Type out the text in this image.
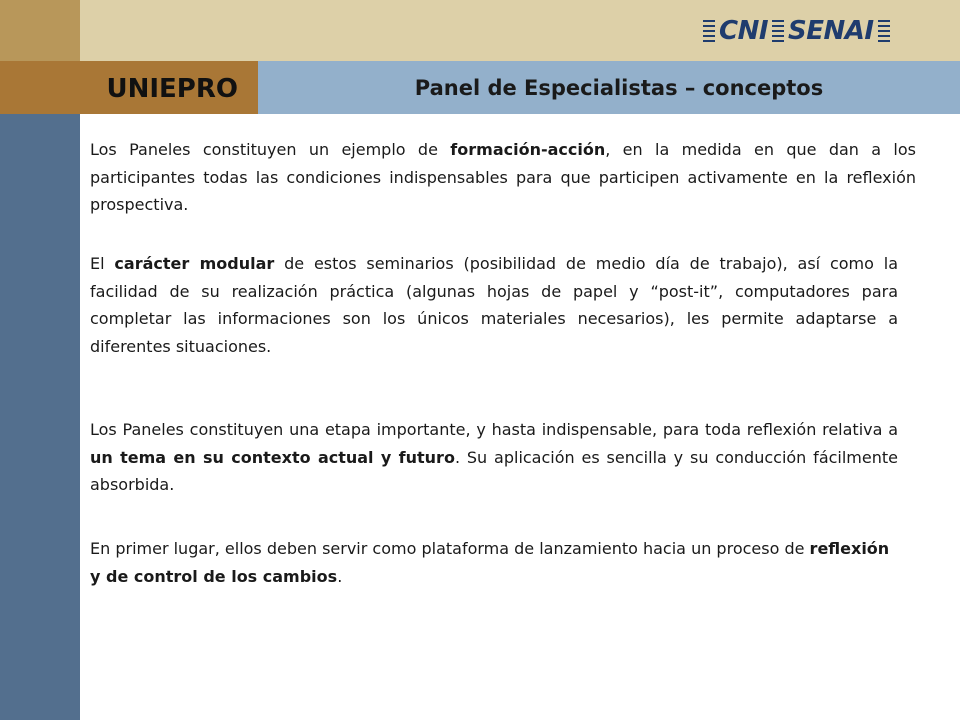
UNIEPRO	Panel de Especialistas – conceptos
CNI SENAI

Los Paneles constituyen un ejemplo de formación-acción, en la medida en que dan a los participantes todas las condiciones indispensables para que participen activamente en la reflexión prospectiva.

El carácter modular de estos seminarios (posibilidad de medio día de trabajo), así como la facilidad de su realización práctica (algunas hojas de papel y “post-it”, computadores para completar las informaciones son los únicos materiales necesarios), les permite adaptarse a diferentes situaciones.

Los Paneles constituyen una etapa importante, y hasta indispensable, para toda reflexión relativa a un tema en su contexto actual y futuro. Su aplicación es sencilla y su conducción fácilmente absorbida.

En primer lugar, ellos deben servir como plataforma de lanzamiento hacia un proceso de reflexión y de control de los cambios.
